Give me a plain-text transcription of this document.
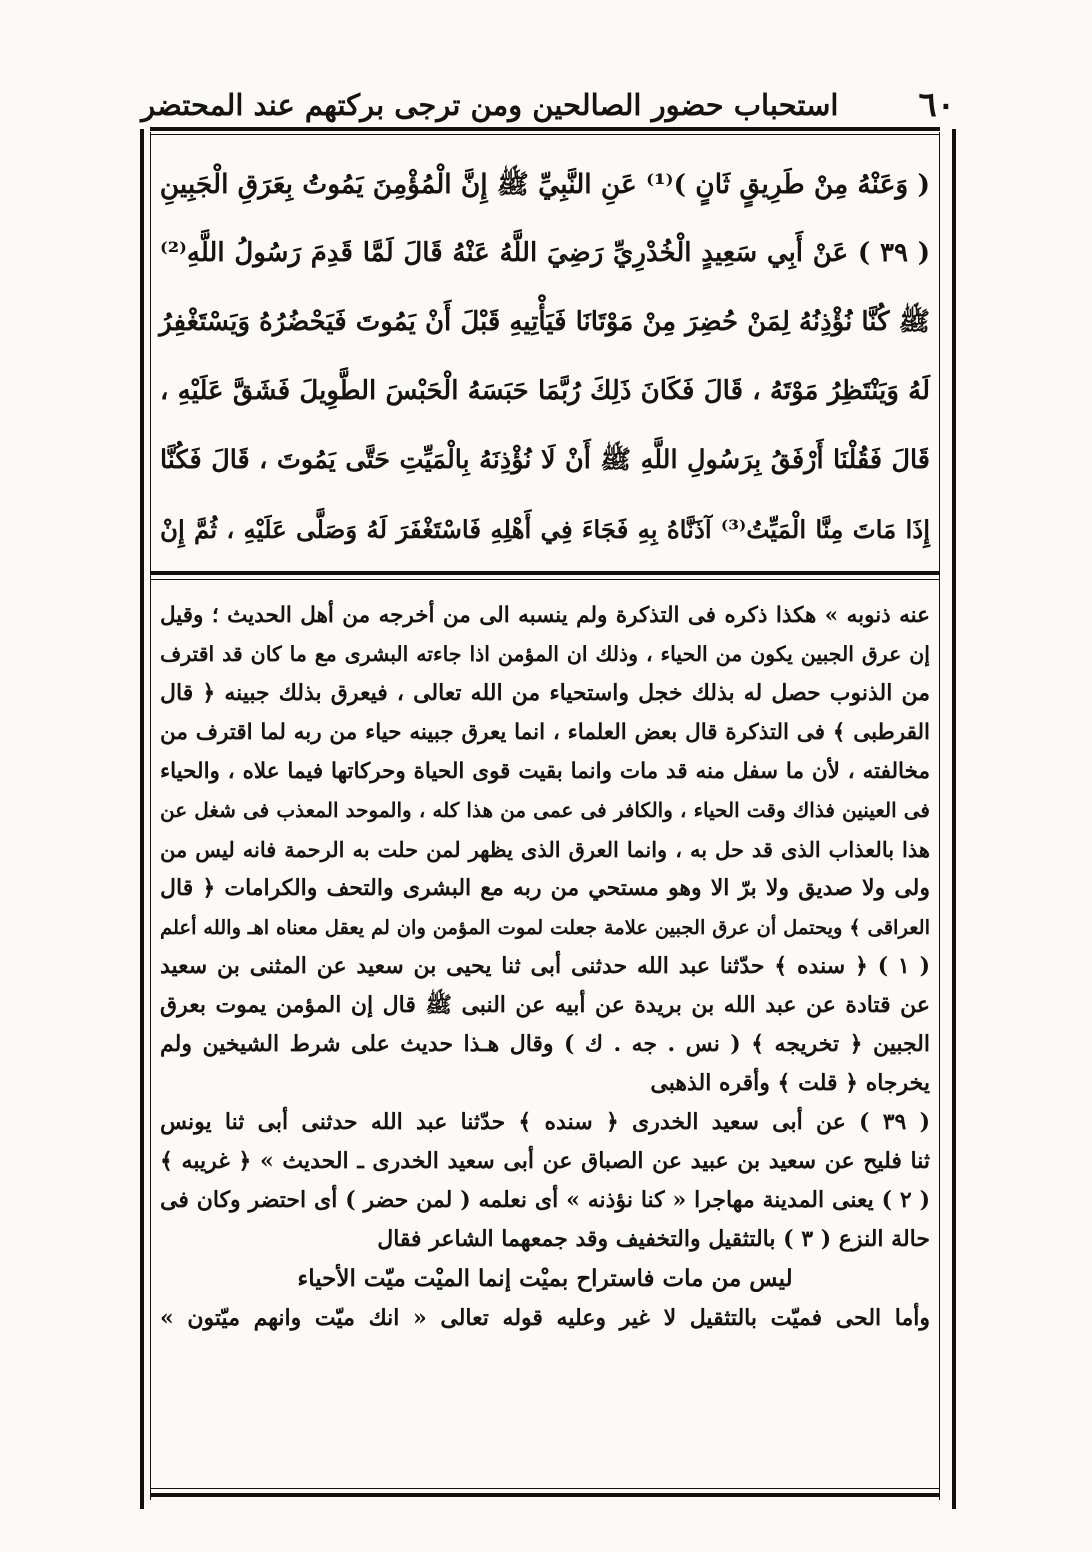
٦٠
استحباب حضور الصالحين ومن ترجى بركتهم عند المحتضر
( وَعَنْهُ مِنْ طَرِيقٍ ثَانٍ )⁽¹⁾ عَنِ النَّبِيِّ ﷺ إِنَّ الْمُؤْمِنَ يَمُوتُ بِعَرَقِ الْجَبِينِ
( ٣٩ ) عَنْ أَبِي سَعِيدٍ الْخُدْرِيِّ رَضِيَ اللَّهُ عَنْهُ قَالَ لَمَّا قَدِمَ رَسُولُ اللَّهِ⁽²⁾
ﷺ كُنَّا نُؤْذِنُهُ لِمَنْ حُضِرَ مِنْ مَوْتَانَا فَيَأْتِيهِ قَبْلَ أَنْ يَمُوتَ فَيَحْضُرُهُ وَيَسْتَغْفِرُ
لَهُ وَيَنْتَظِرُ مَوْتَهُ ، قَالَ فَكَانَ ذَلِكَ رُبَّمَا حَبَسَهُ الْحَبْسَ الطَّوِيلَ فَشَقَّ عَلَيْهِ ،
قَالَ فَقُلْنَا أَرْفَقُ بِرَسُولِ اللَّهِ ﷺ أَنْ لَا نُؤْذِنَهُ بِالْمَيِّتِ حَتَّى يَمُوتَ ، قَالَ فَكُنَّا
إِذَا مَاتَ مِنَّا الْمَيِّتُ⁽³⁾ آذَنَّاهُ بِهِ فَجَاءَ فِي أَهْلِهِ فَاسْتَغْفَرَ لَهُ وَصَلَّى عَلَيْهِ ، ثُمَّ إِنْ
عنه ذنوبه » هكذا ذكره فى التذكرة ولم ينسبه الى من أخرجه من أهل الحديث ؛ وقيل
إن عرق الجبين يكون من الحياء ، وذلك ان المؤمن اذا جاءته البشرى مع ما كان قد اقترف
من الذنوب حصل له بذلك خجل واستحياء من الله تعالى ، فيعرق بذلك جبينه ﴿ قال
القرطبى ﴾ فى التذكرة قال بعض العلماء ، انما يعرق جبينه حياء من ربه لما اقترف من
مخالفته ، لأن ما سفل منه قد مات وانما بقيت قوى الحياة وحركاتها فيما علاه ، والحياء
فى العينين فذاك وقت الحياء ، والكافر فى عمى من هذا كله ، والموحد المعذب فى شغل عن
هذا بالعذاب الذى قد حل به ، وانما العرق الذى يظهر لمن حلت به الرحمة فانه ليس من
ولى ولا صديق ولا برّ الا وهو مستحي من ربه مع البشرى والتحف والكرامات ﴿ قال
العراقى ﴾ ويحتمل أن عرق الجبين علامة جعلت لموت المؤمن وان لم يعقل معناه اهـ والله أعلم
( ١ ) ﴿ سنده ﴾ حدّثنا عبد الله حدثنى أبى ثنا يحيى بن سعيد عن المثنى بن سعيد
عن قتادة عن عبد الله بن بريدة عن أبيه عن النبى ﷺ قال إن المؤمن يموت بعرق
الجبين ﴿ تخريجه ﴾ ( نس . جه . ك ) وقال هـذا حديث على شرط الشيخين ولم
يخرجاه ﴿ قلت ﴾ وأقره الذهبى
( ٣٩ ) عن أبى سعيد الخدرى ﴿ سنده ﴾ حدّثنا عبد الله حدثنى أبى ثنا يونس
ثنا فليح عن سعيد بن عبيد عن الصباق عن أبى سعيد الخدرى ـ الحديث » ﴿ غريبه ﴾
( ٢ ) يعنى المدينة مهاجرا « كنا نؤذنه » أى نعلمه ( لمن حضر ) أى احتضر وكان فى
حالة النزع ( ٣ ) بالتثقيل والتخفيف وقد جمعهما الشاعر فقال
ليس من مات فاستراح بميْت إنما الميْت ميّت الأحياء
وأما الحى فميّت بالتثقيل لا غير وعليه قوله تعالى « انك ميّت وانهم ميّتون »
